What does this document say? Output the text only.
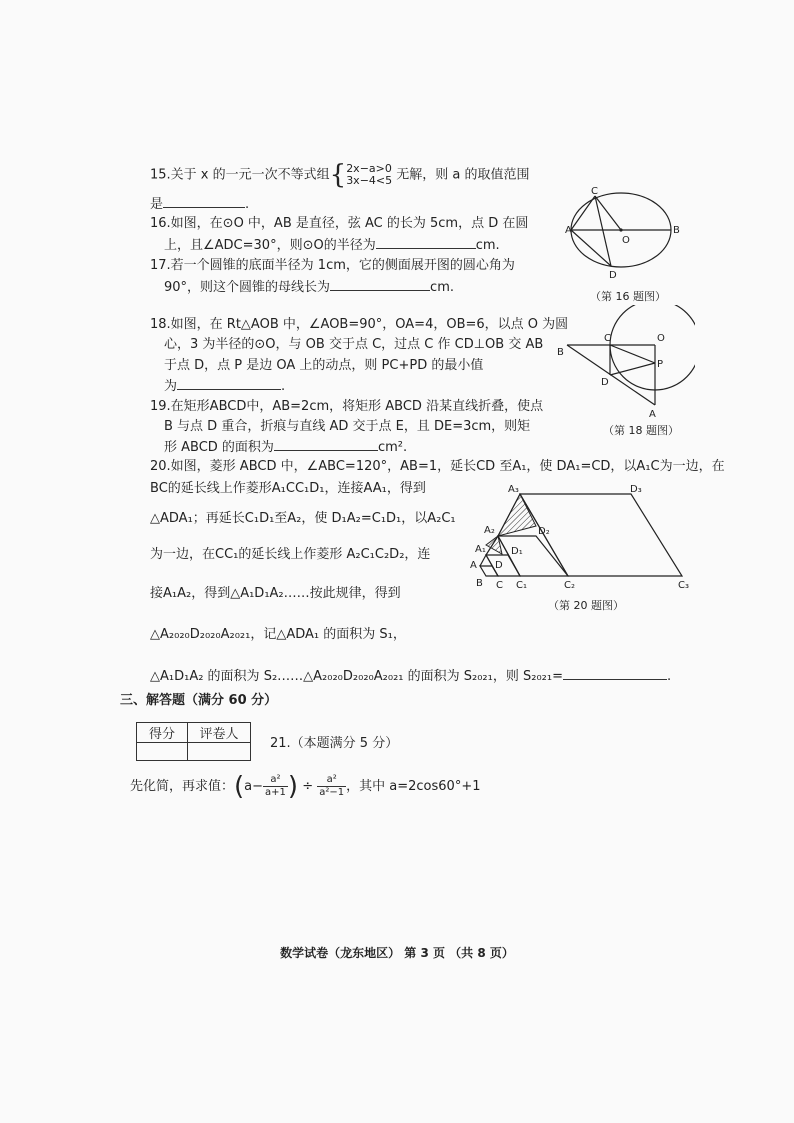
15.关于 x 的一元一次不等式组{ 2x−a>0
3x−4<5 无解，则 a 的取值范围
是	.
16.如图，在⊙O 中，AB 是直径，弦 AC 的长为 5cm，点 D 在圆
上，且∠ADC=30°，则⊙O的半径为	cm.
A	B
C
D
O
（第 16 题图）
17.若一个圆锥的底面半径为 1cm，它的侧面展开图的圆心角为
90°，则这个圆锥的母线长为	cm.
18.如图，在 Rt△AOB 中，∠AOB=90°，OA=4，OB=6，以点 O 为圆
心，3 为半径的⊙O，与 OB 交于点 C，过点 C 作 CD⊥OB 交 AB
于点 D，点 P 是边 OA 上的动点，则 PC+PD 的最小值
为	.
B
C	O
P
D
A
（第 18 题图）
19.在矩形ABCD中，AB=2cm，将矩形 ABCD 沿某直线折叠，使点
B 与点 D 重合，折痕与直线 AD 交于点 E，且 DE=3cm，则矩
形 ABCD 的面积为	cm².
20.如图，菱形 ABCD 中，∠ABC=120°，AB=1，延长CD 至A₁，使 DA₁=CD，以A₁C为一边，在
BC的延长线上作菱形A₁CC₁D₁，连接AA₁，得到
△ADA₁；再延长C₁D₁至A₂，使 D₁A₂=C₁D₁，以A₂C₁
为一边，在CC₁的延长线上作菱形 A₂C₁C₂D₂，连
接A₁A₂，得到△A₁D₁A₂……按此规律，得到
△A₂₀₂₀D₂₀₂₀A₂₀₂₁，记△ADA₁ 的面积为 S₁，
△A₁D₁A₂ 的面积为 S₂……△A₂₀₂₀D₂₀₂₀A₂₀₂₁ 的面积为 S₂₀₂₁，则 S₂₀₂₁=	.
A
B C
D
A₁
C₁
D₁
A₂
C₂
D₂
A₃
C₃
D₃
（第 20 题图）
三、解答题（满分 60 分）
得分	评卷人

21.（本题满分 5 分）
先化简，再求值：($a- \frac{\text{a²}}{a+1}$ ) ÷ $\frac{\text{a²}}{\text{a²−1}}$ ，其中 a=2cos60°+1
数学试卷（龙东地区） 第 3 页 （共 8 页）
